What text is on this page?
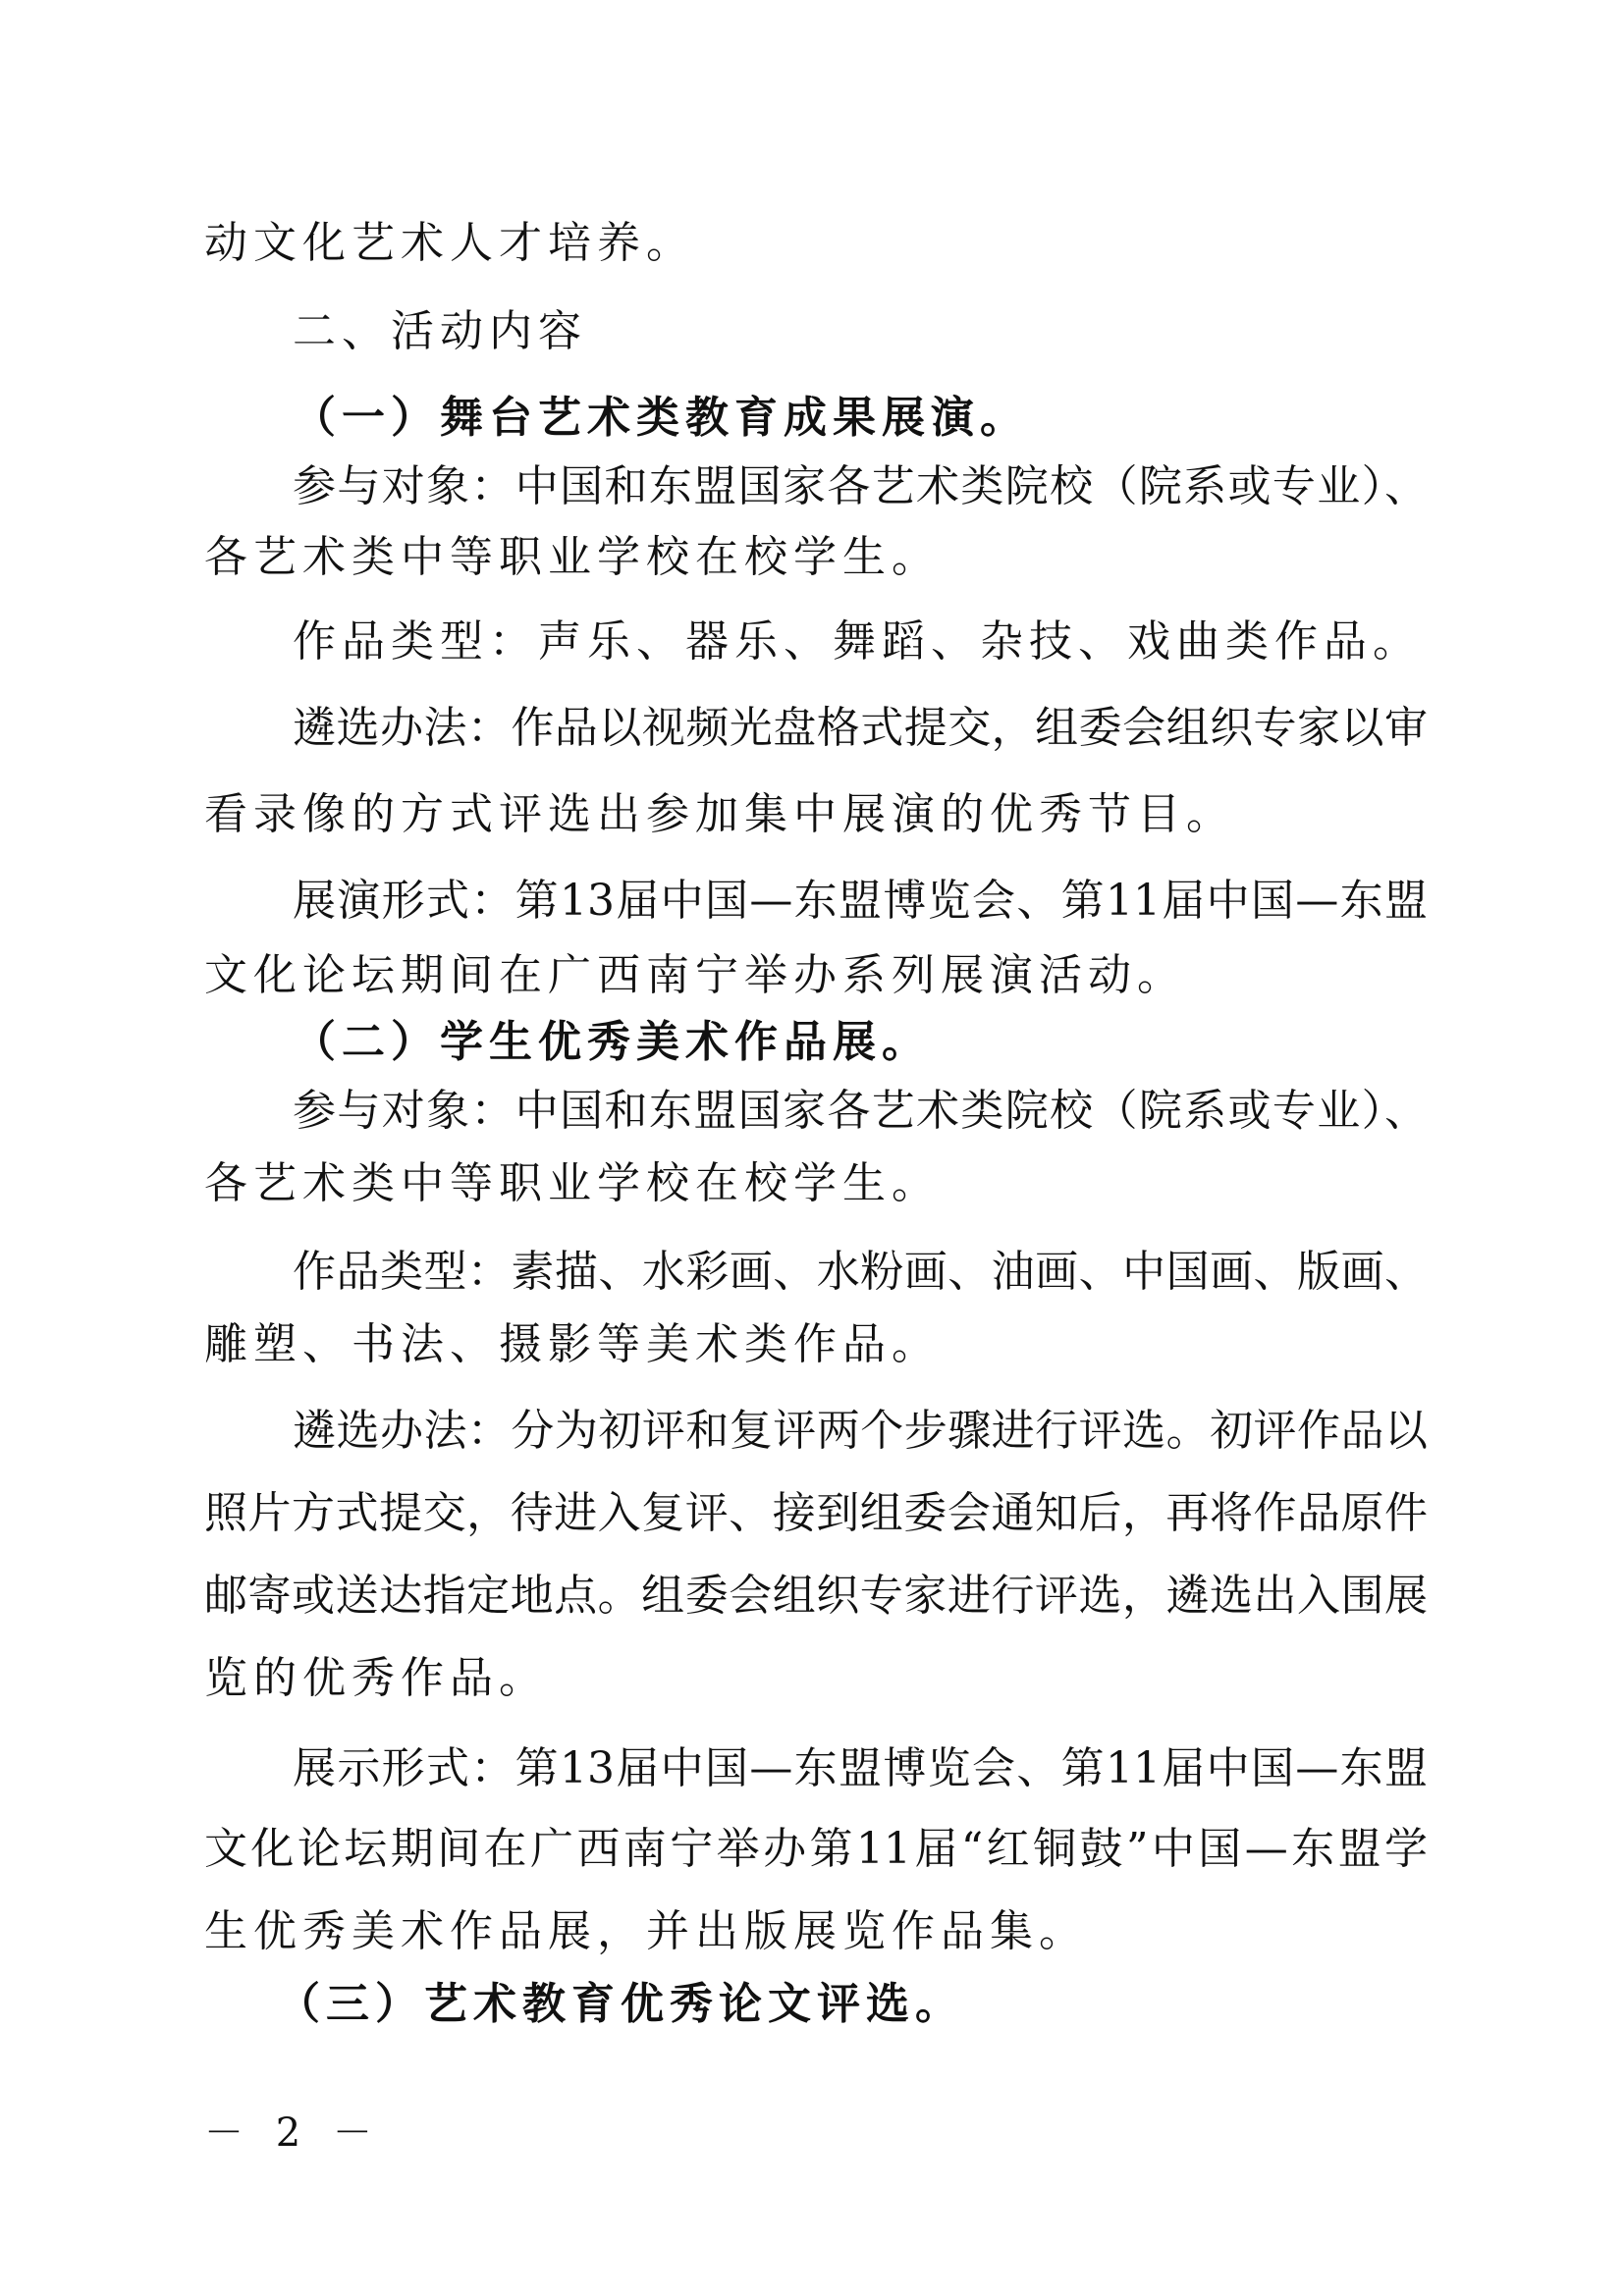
动文化艺术人才培养。
二、活动内容
（一）舞台艺术类教育成果展演。
参与对象：中国和东盟国家各艺术类院校（院系或专业）、
各艺术类中等职业学校在校学生。
作品类型：声乐、器乐、舞蹈、杂技、戏曲类作品。
遴选办法：作品以视频光盘格式提交，组委会组织专家以审
看录像的方式评选出参加集中展演的优秀节目。
展演形式：第13届中国—东盟博览会、第11届中国—东盟
文化论坛期间在广西南宁举办系列展演活动。
（二）学生优秀美术作品展。
参与对象：中国和东盟国家各艺术类院校（院系或专业）、
各艺术类中等职业学校在校学生。
作品类型：素描、水彩画、水粉画、油画、中国画、版画、
雕塑、书法、摄影等美术类作品。
遴选办法：分为初评和复评两个步骤进行评选。初评作品以
照片方式提交，待进入复评、接到组委会通知后，再将作品原件
邮寄或送达指定地点。组委会组织专家进行评选，遴选出入围展
览的优秀作品。
展示形式：第13届中国—东盟博览会、第11届中国—东盟
文化论坛期间在广西南宁举办第11届“红铜鼓”中国—东盟学
生优秀美术作品展，并出版展览作品集。
（三）艺术教育优秀论文评选。
－ 2 －
